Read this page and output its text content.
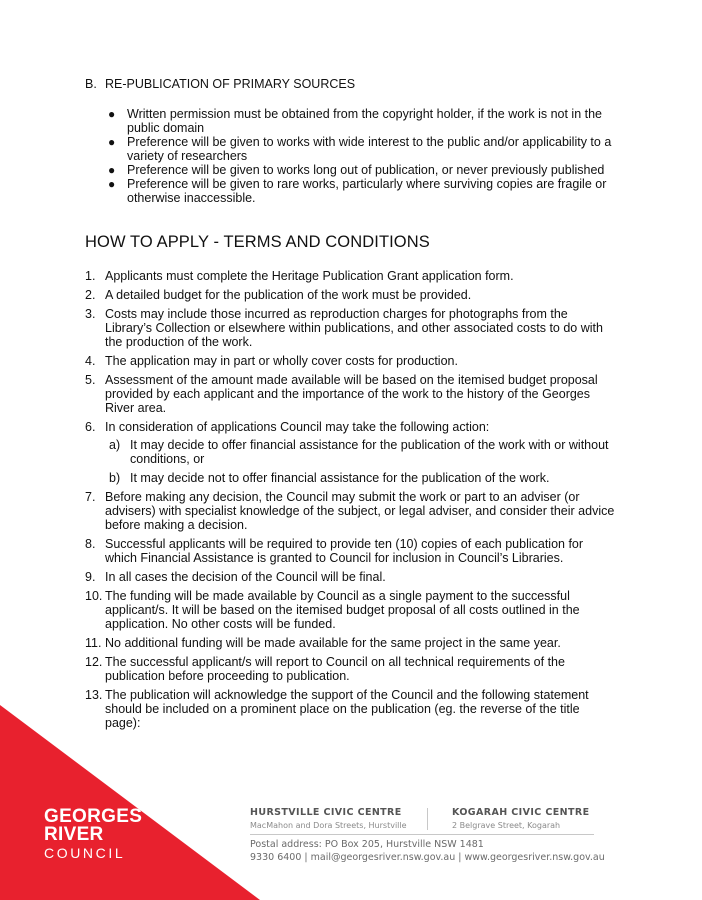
B. RE-PUBLICATION OF PRIMARY SOURCES
● Written permission must be obtained from the copyright holder, if the work is not in the public domain
● Preference will be given to works with wide interest to the public and/or applicability to a variety of researchers
● Preference will be given to works long out of publication, or never previously published
● Preference will be given to rare works, particularly where surviving copies are fragile or otherwise inaccessible.
HOW TO APPLY - TERMS AND CONDITIONS
1. Applicants must complete the Heritage Publication Grant application form.
2. A detailed budget for the publication of the work must be provided.
3. Costs may include those incurred as reproduction charges for photographs from the Library’s Collection or elsewhere within publications, and other associated costs to do with the production of the work.
4. The application may in part or wholly cover costs for production.
5. Assessment of the amount made available will be based on the itemised budget proposal provided by each applicant and the importance of the work to the history of the Georges River area.
6. In consideration of applications Council may take the following action:
a) It may decide to offer financial assistance for the publication of the work with or without conditions, or
b) It may decide not to offer financial assistance for the publication of the work.
7. Before making any decision, the Council may submit the work or part to an adviser (or advisers) with specialist knowledge of the subject, or legal adviser, and consider their advice before making a decision.
8. Successful applicants will be required to provide ten (10) copies of each publication for which Financial Assistance is granted to Council for inclusion in Council’s Libraries.
9. In all cases the decision of the Council will be final.
10. The funding will be made available by Council as a single payment to the successful applicant/s. It will be based on the itemised budget proposal of all costs outlined in the application. No other costs will be funded.
11. No additional funding will be made available for the same project in the same year.
12. The successful applicant/s will report to Council on all technical requirements of the publication before proceeding to publication.
13. The publication will acknowledge the support of the Council and the following statement should be included on a prominent place on the publication (eg. the reverse of the title page):
GEORGES
RIVER
COUNCIL
HURSTVILLE CIVIC CENTRE
MacMahon and Dora Streets, Hurstville
KOGARAH CIVIC CENTRE
2 Belgrave Street, Kogarah
Postal address: PO Box 205, Hurstville NSW 1481
9330 6400 | mail@georgesriver.nsw.gov.au | www.georgesriver.nsw.gov.au
